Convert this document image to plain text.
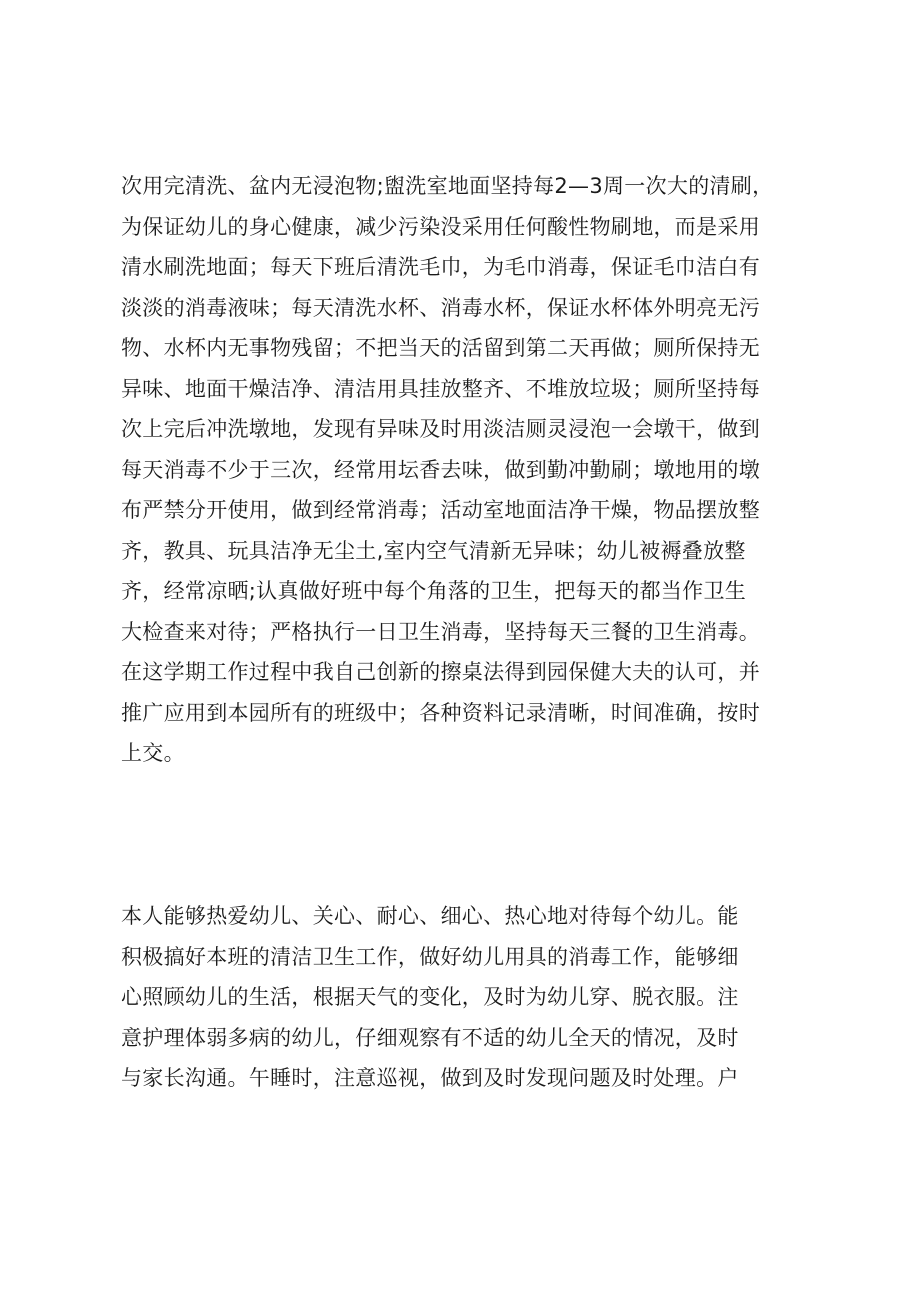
次用完清洗、盆内无浸泡物;盥洗室地面坚持每2—3周一次大的清刷，
为保证幼儿的身心健康，减少污染没采用任何酸性物刷地，而是采用
清水刷洗地面；每天下班后清洗毛巾，为毛巾消毒，保证毛巾洁白有
淡淡的消毒液味；每天清洗水杯、消毒水杯，保证水杯体外明亮无污
物、水杯内无事物残留；不把当天的活留到第二天再做；厕所保持无
异味、地面干燥洁净、清洁用具挂放整齐、不堆放垃圾；厕所坚持每
次上完后冲洗墩地，发现有异味及时用淡洁厕灵浸泡一会墩干，做到
每天消毒不少于三次，经常用坛香去味，做到勤冲勤刷；墩地用的墩
布严禁分开使用，做到经常消毒；活动室地面洁净干燥，物品摆放整
齐，教具、玩具洁净无尘土,室内空气清新无异味；幼儿被褥叠放整
齐，经常凉晒;认真做好班中每个角落的卫生，把每天的都当作卫生
大检查来对待；严格执行一日卫生消毒，坚持每天三餐的卫生消毒。
在这学期工作过程中我自己创新的擦桌法得到园保健大夫的认可，并
推广应用到本园所有的班级中；各种资料记录清晰，时间准确，按时
上交。
本人能够热爱幼儿、关心、耐心、细心、热心地对待每个幼儿。能
积极搞好本班的清洁卫生工作，做好幼儿用具的消毒工作，能够细
心照顾幼儿的生活，根据天气的变化，及时为幼儿穿、脱衣服。注
意护理体弱多病的幼儿，仔细观察有不适的幼儿全天的情况，及时
与家长沟通。午睡时，注意巡视，做到及时发现问题及时处理。户
